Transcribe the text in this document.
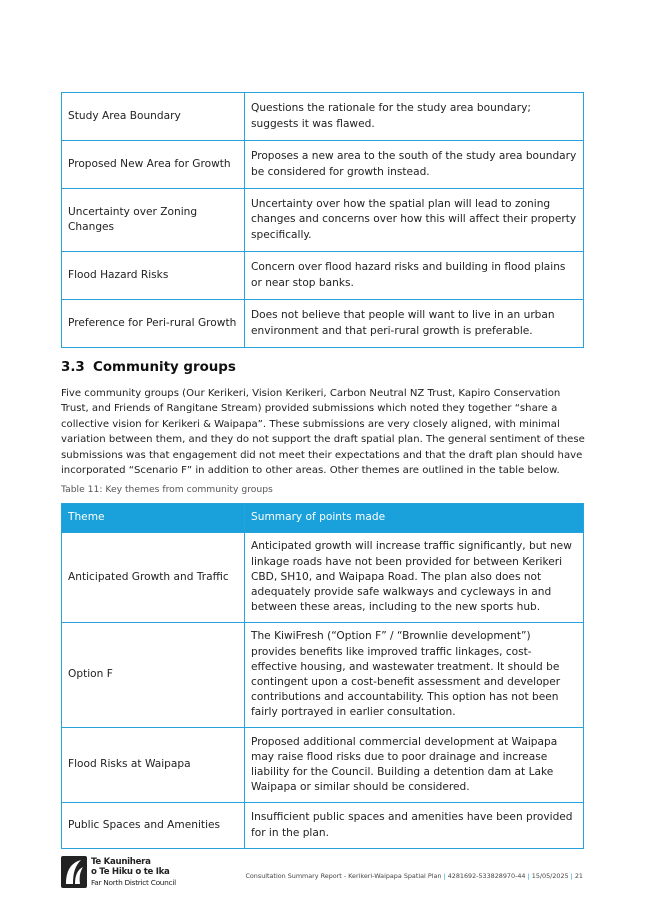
Study Area Boundary	Questions the rationale for the study area boundary; suggests it was flawed.
Proposed New Area for Growth	Proposes a new area to the south of the study area boundary be considered for growth instead.
Uncertainty over Zoning Changes	Uncertainty over how the spatial plan will lead to zoning changes and concerns over how this will affect their property specifically.
Flood Hazard Risks	Concern over flood hazard risks and building in flood plains or near stop banks.
Preference for Peri-rural Growth	Does not believe that people will want to live in an urban environment and that peri-rural growth is preferable.
3.3 Community groups

Five community groups (Our Kerikeri, Vision Kerikeri, Carbon Neutral NZ Trust, Kapiro Conservation Trust, and Friends of Rangitane Stream) provided submissions which noted they together “share a collective vision for Kerikeri & Waipapa”. These submissions are very closely aligned, with minimal variation between them, and they do not support the draft spatial plan. The general sentiment of these submissions was that engagement did not meet their expectations and that the draft plan should have incorporated “Scenario F” in addition to other areas. Other themes are outlined in the table below.

Table 11: Key themes from community groups
Theme	Summary of points made
Anticipated Growth and Traffic	Anticipated growth will increase traffic significantly, but new linkage roads have not been provided for between Kerikeri CBD, SH10, and Waipapa Road. The plan also does not adequately provide safe walkways and cycleways in and between these areas, including to the new sports hub.
Option F	The KiwiFresh (“Option F” / “Brownlie development”) provides benefits like improved traffic linkages, cost-effective housing, and wastewater treatment. It should be contingent upon a cost-benefit assessment and developer contributions and accountability. This option has not been fairly portrayed in earlier consultation.
Flood Risks at Waipapa	Proposed additional commercial development at Waipapa may raise flood risks due to poor drainage and increase liability for the Council. Building a detention dam at Lake Waipapa or similar should be considered.
Public Spaces and Amenities	Insufficient public spaces and amenities have been provided for in the plan.
Te Kaunihera
o Te Hiku o te Ika
Far North District Council
Consultation Summary Report - Kerikeri-Waipapa Spatial Plan | 4281692-533828970-44 | 15/05/2025 | 21
